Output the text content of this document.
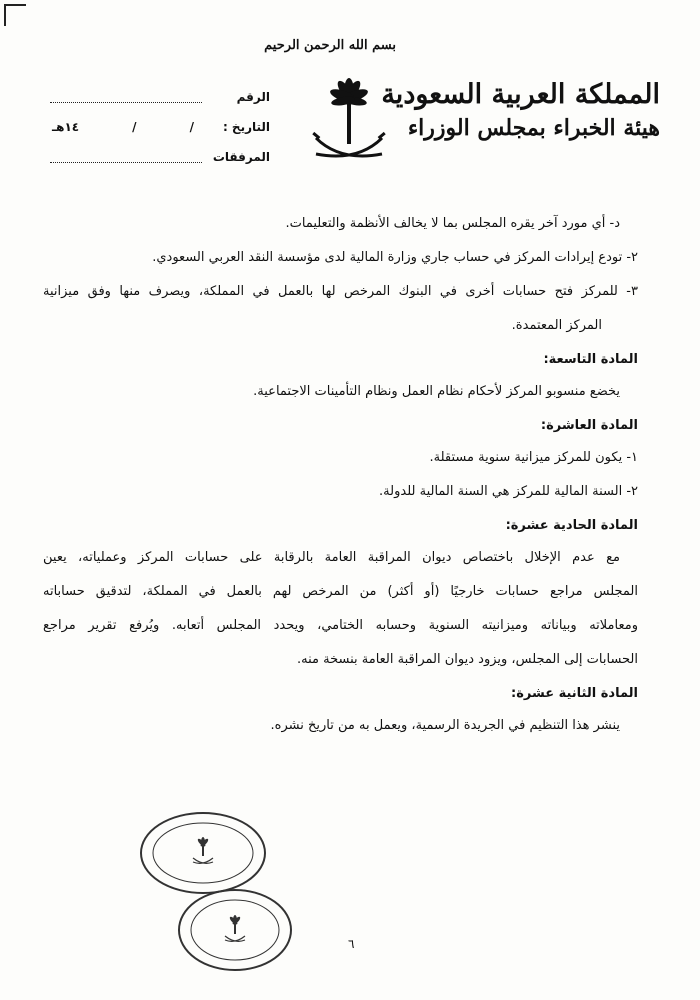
بسم الله الرحمن الرحيم
المملكة العربية السعودية
هيئة الخبراء بمجلس الوزراء
الرقم
التاريخ :
/
/
١٤هـ
المرفقات
د- أي مورد آخر يقره المجلس بما لا يخالف الأنظمة والتعليمات.
٢- تودع إيرادات المركز في حساب جاري وزارة المالية لدى مؤسسة النقد العربي السعودي.
٣- للمركز فتح حسابات أخرى في البنوك المرخص لها بالعمل في المملكة، ويصرف منها وفق ميزانية
المركز المعتمدة.
المادة التاسعة:
يخضع منسوبو المركز لأحكام نظام العمل ونظام التأمينات الاجتماعية.
المادة العاشرة:
١- يكون للمركز ميزانية سنوية مستقلة.
٢- السنة المالية للمركز هي السنة المالية للدولة.
المادة الحادية عشرة:
مع عدم الإخلال باختصاص ديوان المراقبة العامة بالرقابة على حسابات المركز وعملياته، يعين
المجلس مراجع حسابات خارجيًا (أو أكثر) من المرخص لهم بالعمل في المملكة، لتدقيق حساباته
ومعاملاته وبياناته وميزانيته السنوية وحسابه الختامي، ويحدد المجلس أتعابه. ويُرفع تقرير مراجع
الحسابات إلى المجلس، ويزود ديوان المراقبة العامة بنسخة منه.
المادة الثانية عشرة:
ينشر هذا التنظيم في الجريدة الرسمية، ويعمل به من تاريخ نشره.
٦
